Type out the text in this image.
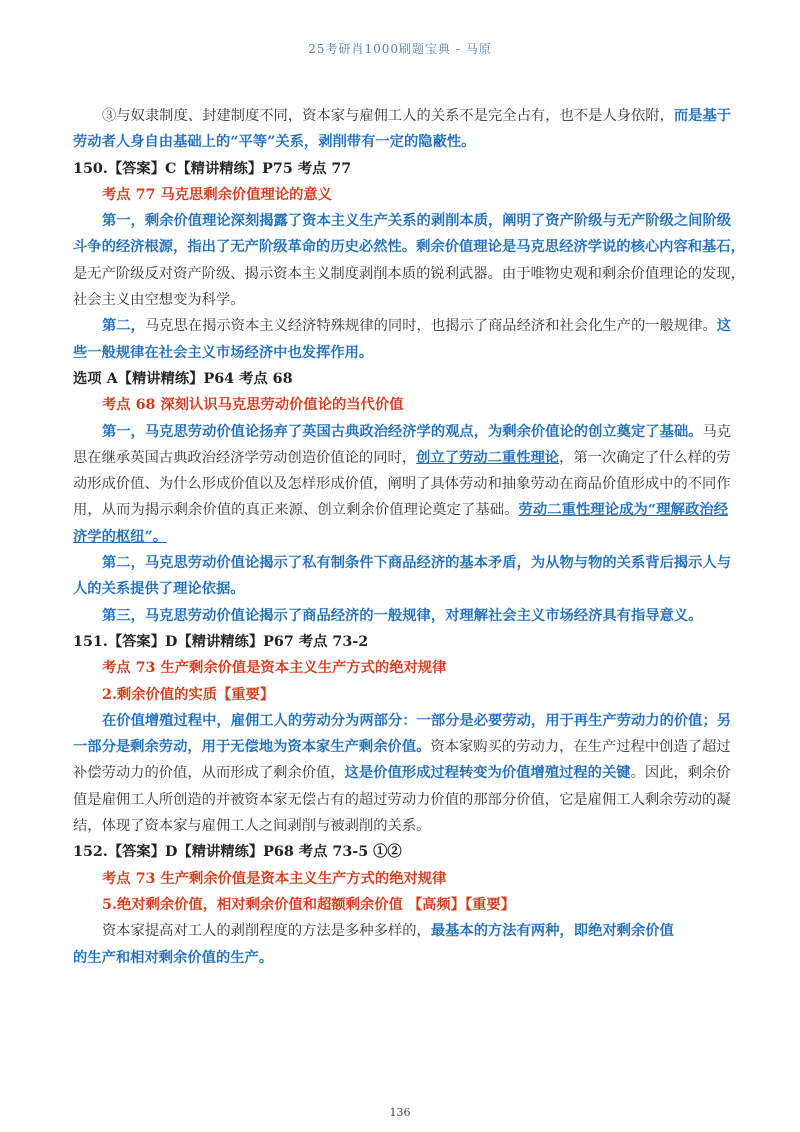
25考研肖1000刷题宝典 - 马原
③与奴隶制度、封建制度不同，资本家与雇佣工人的关系不是完全占有，也不是人身依附，而是基于
劳动者人身自由基础上的“平等”关系，剥削带有一定的隐蔽性。
150.【答案】C【精讲精练】P75 考点 77
考点 77 马克思剩余价值理论的意义
第一，剩余价值理论深刻揭露了资本主义生产关系的剥削本质，阐明了资产阶级与无产阶级之间阶级
斗争的经济根源，指出了无产阶级革命的历史必然性。剩余价值理论是马克思经济学说的核心内容和基石，
是无产阶级反对资产阶级、揭示资本主义制度剥削本质的锐利武器。由于唯物史观和剩余价值理论的发现，
社会主义由空想变为科学。
第二，马克思在揭示资本主义经济特殊规律的同时，也揭示了商品经济和社会化生产的一般规律。这
些一般规律在社会主义市场经济中也发挥作用。
选项 A【精讲精练】P64 考点 68
考点 68 深刻认识马克思劳动价值论的当代价值
第一，马克思劳动价值论扬弃了英国古典政治经济学的观点，为剩余价值论的创立奠定了基础。马克
思在继承英国古典政治经济学劳动创造价值论的同时，创立了劳动二重性理论，第一次确定了什么样的劳
动形成价值、为什么形成价值以及怎样形成价值，阐明了具体劳动和抽象劳动在商品价值形成中的不同作
用，从而为揭示剩余价值的真正来源、创立剩余价值理论奠定了基础。劳动二重性理论成为“理解政治经
济学的枢纽”。
第二，马克思劳动价值论揭示了私有制条件下商品经济的基本矛盾，为从物与物的关系背后揭示人与
人的关系提供了理论依据。
第三，马克思劳动价值论揭示了商品经济的一般规律，对理解社会主义市场经济具有指导意义。
151.【答案】D【精讲精练】P67 考点 73-2
考点 73 生产剩余价值是资本主义生产方式的绝对规律
2.剩余价值的实质【重要】
在价值增殖过程中，雇佣工人的劳动分为两部分：一部分是必要劳动，用于再生产劳动力的价值；另
一部分是剩余劳动，用于无偿地为资本家生产剩余价值。资本家购买的劳动力，在生产过程中创造了超过
补偿劳动力的价值，从而形成了剩余价值，这是价值形成过程转变为价值增殖过程的关键。因此，剩余价
值是雇佣工人所创造的并被资本家无偿占有的超过劳动力价值的那部分价值，它是雇佣工人剩余劳动的凝
结，体现了资本家与雇佣工人之间剥削与被剥削的关系。
152.【答案】D【精讲精练】P68 考点 73-5 ①②
考点 73 生产剩余价值是资本主义生产方式的绝对规律
5.绝对剩余价值，相对剩余价值和超额剩余价值 【高频】【重要】
资本家提高对工人的剥削程度的方法是多种多样的，最基本的方法有两种，即绝对剩余价值
的生产和相对剩余价值的生产。
136
